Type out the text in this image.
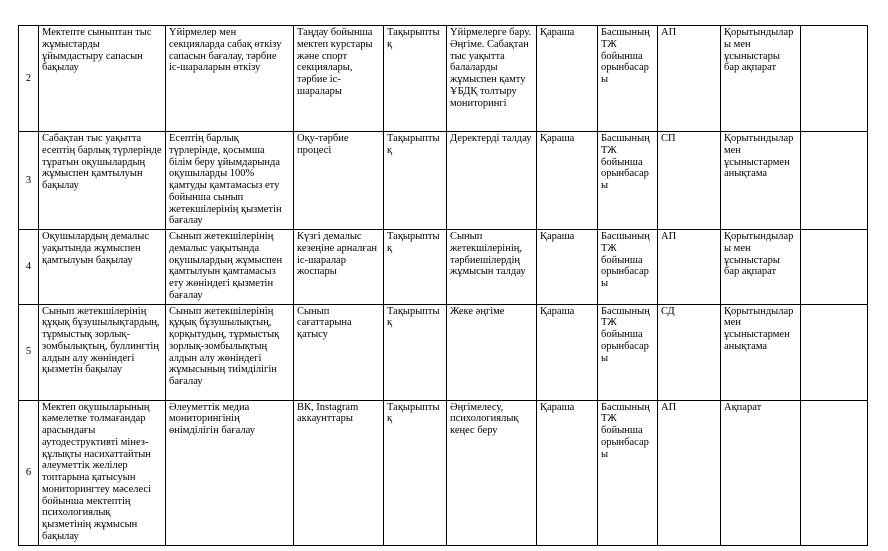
2	Мектепте сыныптан тыс жұмыстарды ұйымдастыру сапасын бақылау	Үйірмелер мен секцияларда сабақ өткізу сапасын бағалау, тәрбие іс-шараларын өткізу	Таңдау бойынша мектеп курстары және спорт секциялары, тәрбие іс-шаралары	Тақырыптық	Үйірмелерге бару. Әңгіме. Сабақтан тыс уақытта балаларды жұмыспен қамту ҰБДҚ толтыру мониторингі	Қараша	Басшының ТЖ бойынша орынбасары	АП	Қорытындылары мен ұсыныстары бар ақпарат	
3	Сабақтан тыс уақытта есептің барлық түрлерінде тұратын оқушылардың жұмыспен қамтылуын бақылау	Есептің барлық түрлерінде, қосымша білім беру ұйымдарында оқушыларды 100% қамтуды қамтамасыз ету бойынша сынып жетекшілерінің қызметін бағалау	Оқу-тәрбие процесі	Тақырыптық	Деректерді талдау	Қараша	Басшының ТЖ бойынша орынбасары	СП	Қорытындылар мен ұсыныстармен анықтама	
4	Оқушылардың демалыс уақытында жұмыспен қамтылуын бақылау	Сынып жетекшілерінің демалыс уақытында оқушылардың жұмыспен қамтылуын қамтамасыз ету жөніндегі қызметін бағалау	Күзгі демалыс кезеңіне арналған іс-шаралар жоспары	Тақырыптық	Сынып жетекшілерінің, тәрбиешілердің жұмысын талдау	Қараша	Басшының ТЖ бойынша орынбасары	АП	Қорытындылары мен ұсыныстары бар ақпарат	
5	Сынып жетекшілерінің құқық бұзушылықтардың, тұрмыстық зорлық-зомбылықтың, буллингтің алдын алу жөніндегі қызметін бақылау	Сынып жетекшілерінің құқық бұзушылықтың, қорқытудың, тұрмыстық зорлық-зомбылықтың алдын алу жөніндегі жұмысының тиімділігін бағалау	Сынып сағаттарына қатысу	Тақырыптық	Жеке әңгіме	Қараша	Басшының ТЖ бойынша орынбасары	СД	Қорытындылар мен ұсыныстармен анықтама	
6	Мектеп оқушыларының кәмелетке толмағандар арасындағы аутодеструктивті мінез-құлықты насихаттайтын әлеуметтік желілер топтарына қатысуын мониторингтеу мәселесі бойынша мектептің психологиялық қызметінің жұмысын бақылау	Әлеуметтік медиа мониторингінің өнімділігін бағалау	ВК, Instagram аккаунттары	Тақырыптық	Әңгімелесу, психологиялық кеңес беру	Қараша	Басшының ТЖ бойынша орынбасары	АП	Ақпарат	
